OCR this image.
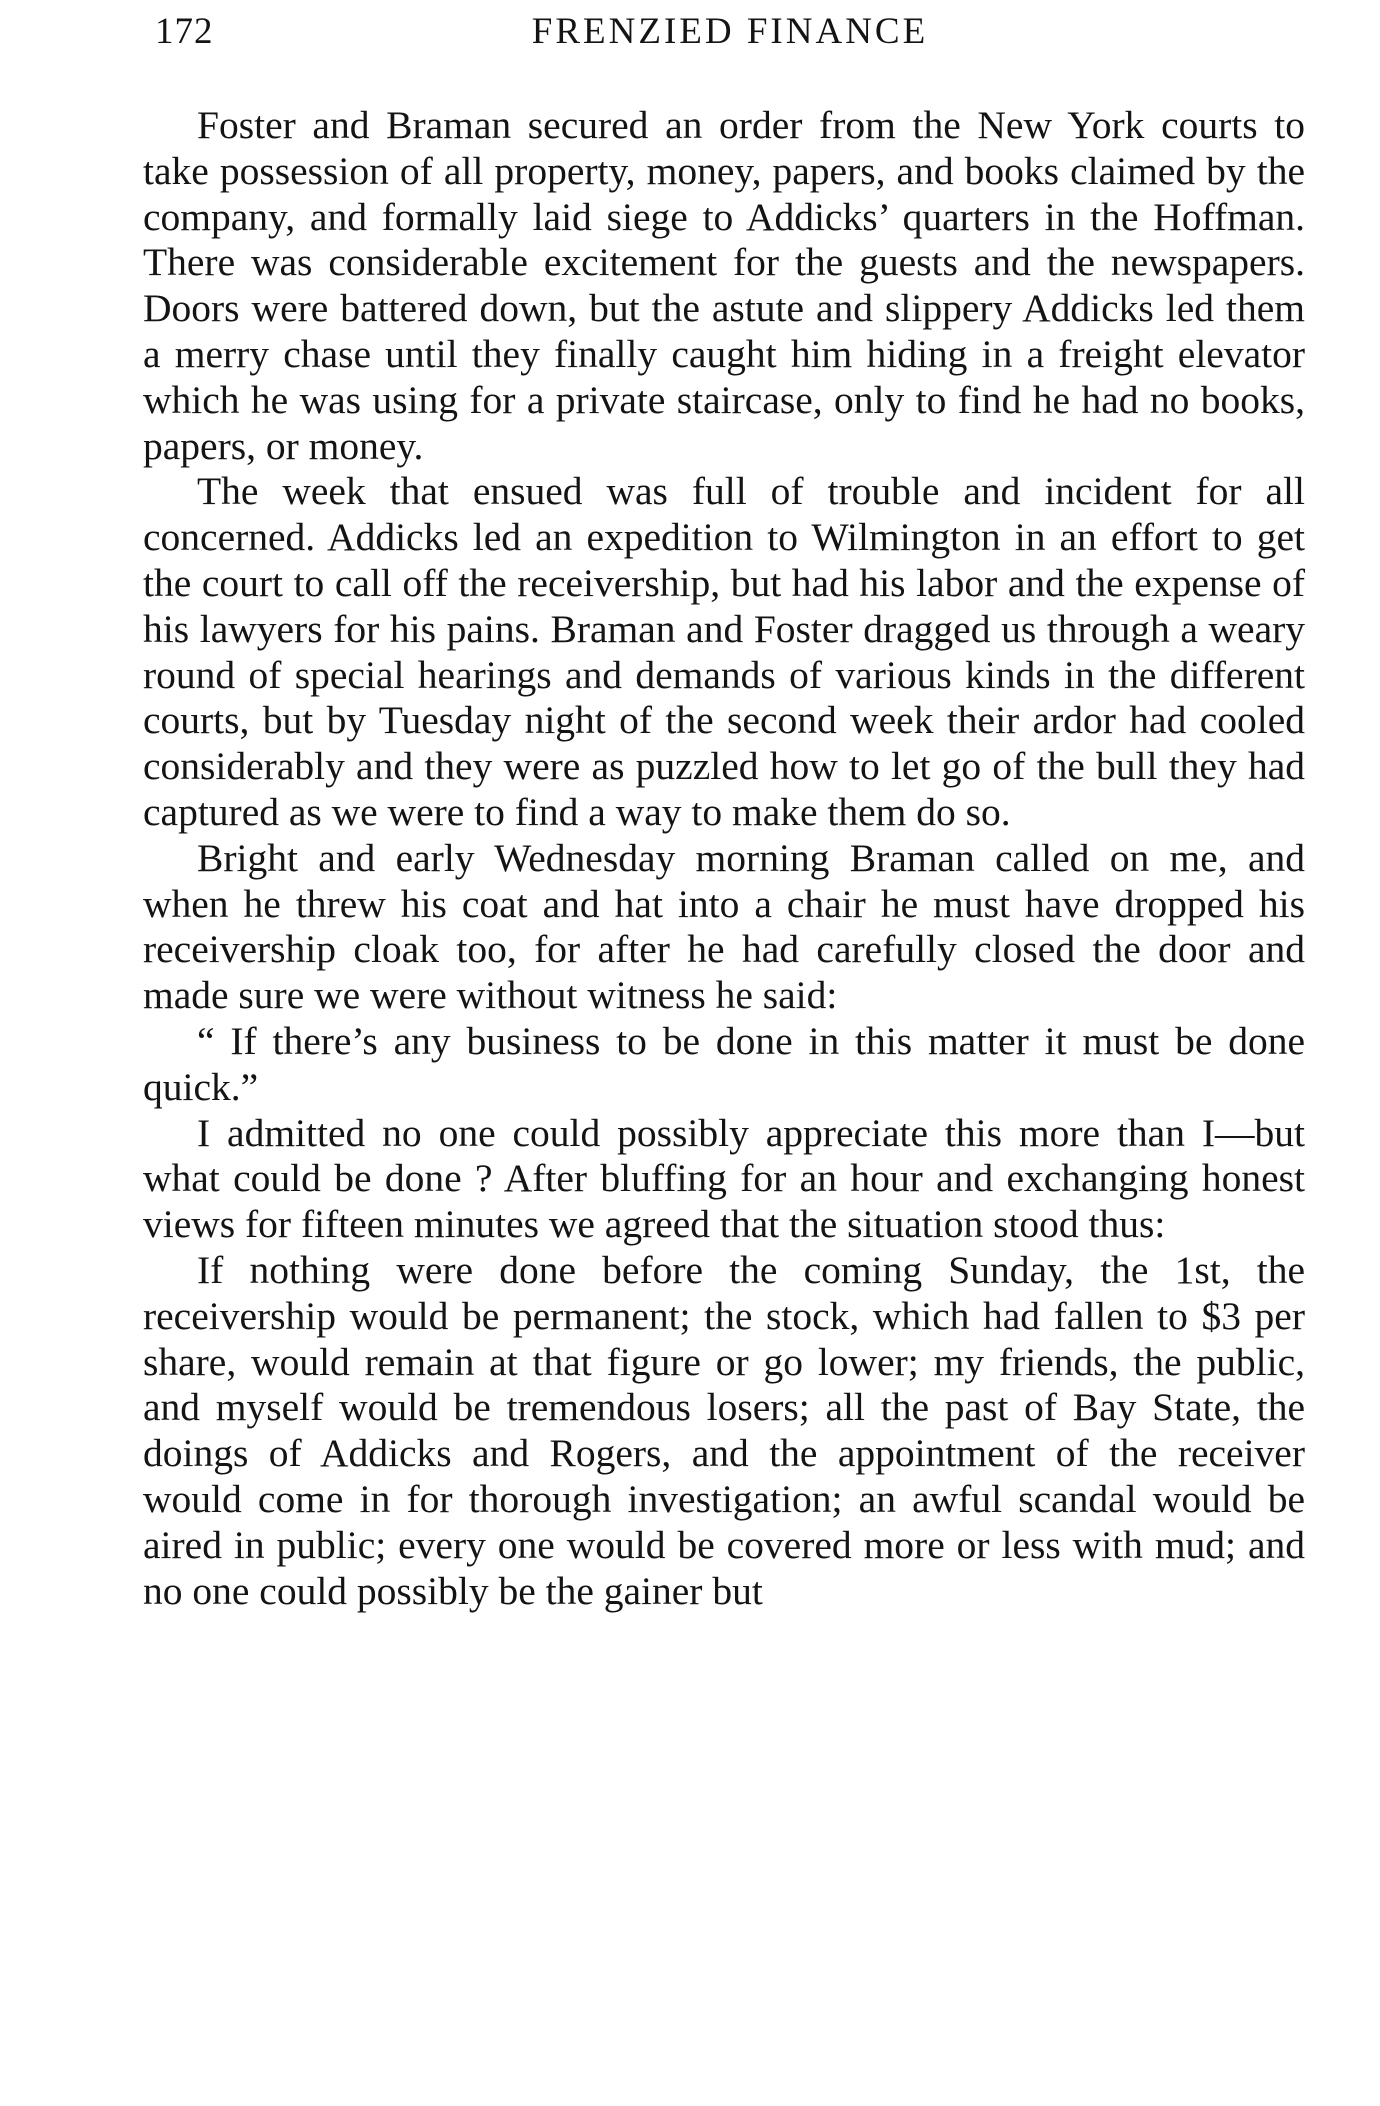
172	FRENZIED FINANCE

Foster and Braman secured an order from the New York courts to take possession of all property, money, papers, and books claimed by the company, and formally laid siege to Addicks’ quarters in the Hoffman. There was considerable excitement for the guests and the newspapers. Doors were battered down, but the astute and slippery Addicks led them a merry chase until they finally caught him hiding in a freight elevator which he was using for a private staircase, only to find he had no books, papers, or money.

The week that ensued was full of trouble and incident for all concerned. Addicks led an expedition to Wilmington in an effort to get the court to call off the receivership, but had his labor and the expense of his lawyers for his pains. Braman and Foster dragged us through a weary round of special hearings and demands of various kinds in the different courts, but by Tuesday night of the second week their ardor had cooled considerably and they were as puzzled how to let go of the bull they had captured as we were to find a way to make them do so.

Bright and early Wednesday morning Braman called on me, and when he threw his coat and hat into a chair he must have dropped his receivership cloak too, for after he had carefully closed the door and made sure we were without witness he said:

“ If there’s any business to be done in this matter it must be done quick.”

I admitted no one could possibly appreciate this more than I—but what could be done ? After bluffing for an hour and exchanging honest views for fifteen minutes we agreed that the situation stood thus:

If nothing were done before the coming Sunday, the 1st, the receivership would be permanent; the stock, which had fallen to $3 per share, would remain at that figure or go lower; my friends, the public, and myself would be tremendous losers; all the past of Bay State, the doings of Addicks and Rogers, and the appointment of the receiver would come in for thorough investigation; an awful scandal would be aired in public; every one would be covered more or less with mud; and no one could possibly be the gainer but
